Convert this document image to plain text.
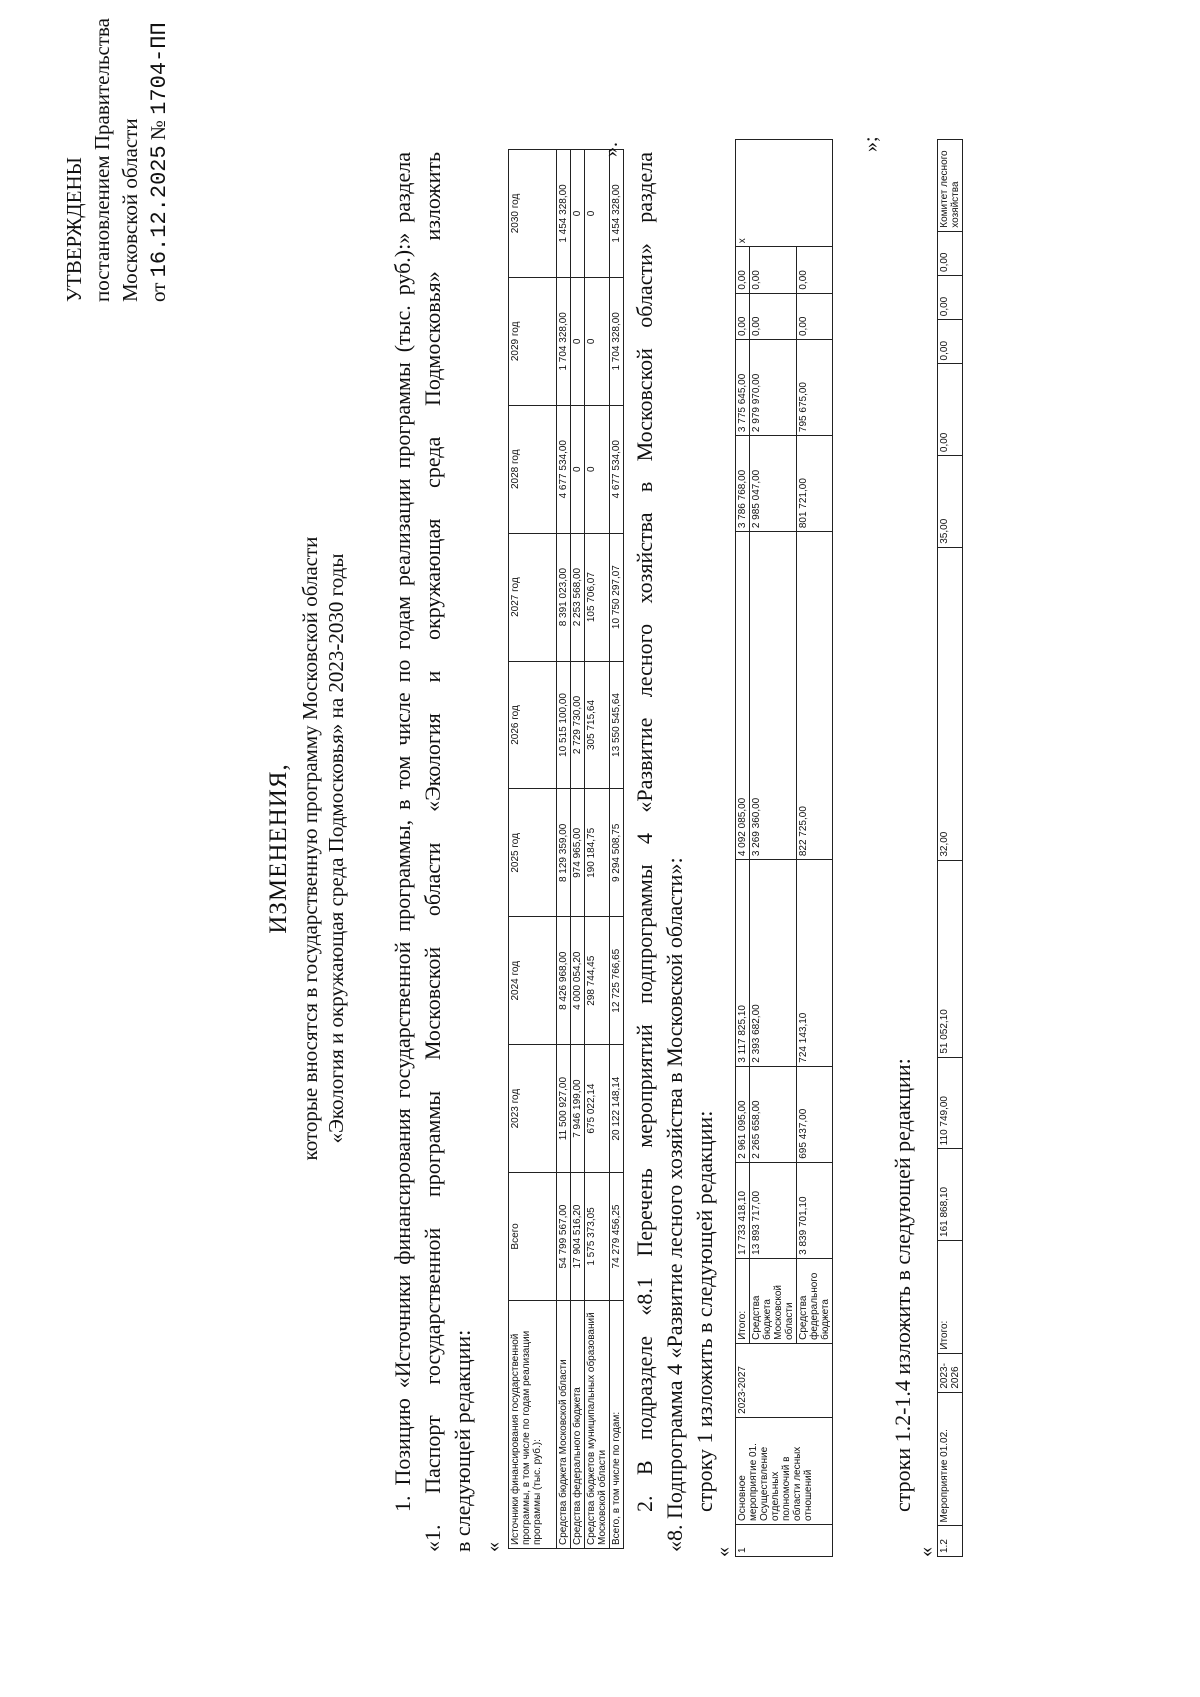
УТВЕРЖДЕНЫ постановлением Правительства Московской области от 16.12.2025 № 1704-ПП
ИЗМЕНЕНИЯ, которые вносятся в государственную программу Московской области «Экология и окружающая среда Подмосковья» на 2023-2030 годы 1. Позицию «Источники финансирования государственной программы, в том числе по годам реализации программы (тыс. руб.):» раздела «1. Паспорт государственной программы Московской области «Экология и окружающая среда Подмосковья» изложить в следующей редакции: «
Источники финансирования государственной программы, в том числе по годам реализации программы (тыс. руб.):	Всего	2023 год	2024 год	2025 год	2026 год	2027 год	2028 год	2029 год	2030 год
Средства бюджета Московской области	54 799 567,00	11 500 927,00	8 426 968,00	8 129 359,00	10 515 100,00	8 391 023,00	4 677 534,00	1 704 328,00	1 454 328,00
Средства федерального бюджета	17 904 516,20	7 946 199,00	4 000 054,20	974 965,00	2 729 730,00	2 253 568,00	0	0	0
Средства бюджетов муниципальных образований Московской области	1 575 373,05	675 022,14	298 744,45	190 184,75	305 715,64	105 706,07	0	0	0
Всего, в том числе по годам:	74 279 456,25	20 122 148,14	12 725 766,65	9 294 508,75	13 550 545,64	10 750 297,07	4 677 534,00	1 704 328,00	1 454 328,00
».
2. В подразделе «8.1 Перечень мероприятий подпрограммы 4 «Развитие лесного хозяйства в Московской области» раздела «8. Подпрограмма 4 «Развитие лесного хозяйства в Московской области»: строку 1 изложить в следующей редакции:
« 1	Основное мероприятие 01. Осуществление отдельных полномочий в области лесных отношений	2023-2027	Итого:	17 733 418,10	2 961 095,00	3 117 825,10	4 092 085,00	3 786 768,00	3 775 645,00	0,00	0,00	x
			Средства бюджета Московской области	13 893 717,00	2 265 658,00	2 393 682,00	3 269 360,00	2 985 047,00	2 979 970,00	0,00	0,00	
			Средства федерального бюджета	3 839 701,10	695 437,00	724 143,10	822 725,00	801 721,00	795 675,00	0,00	0,00	
»;
строки 1.2-1.4 изложить в следующей редакции:
« 1.2	Мероприятие 01.02.	2023-2026	Итого:	161 868,10	110 749,00	51 052,10	32,00	35,00	0,00	0,00	0,00	0,00	Комитет лесного хозяйства
